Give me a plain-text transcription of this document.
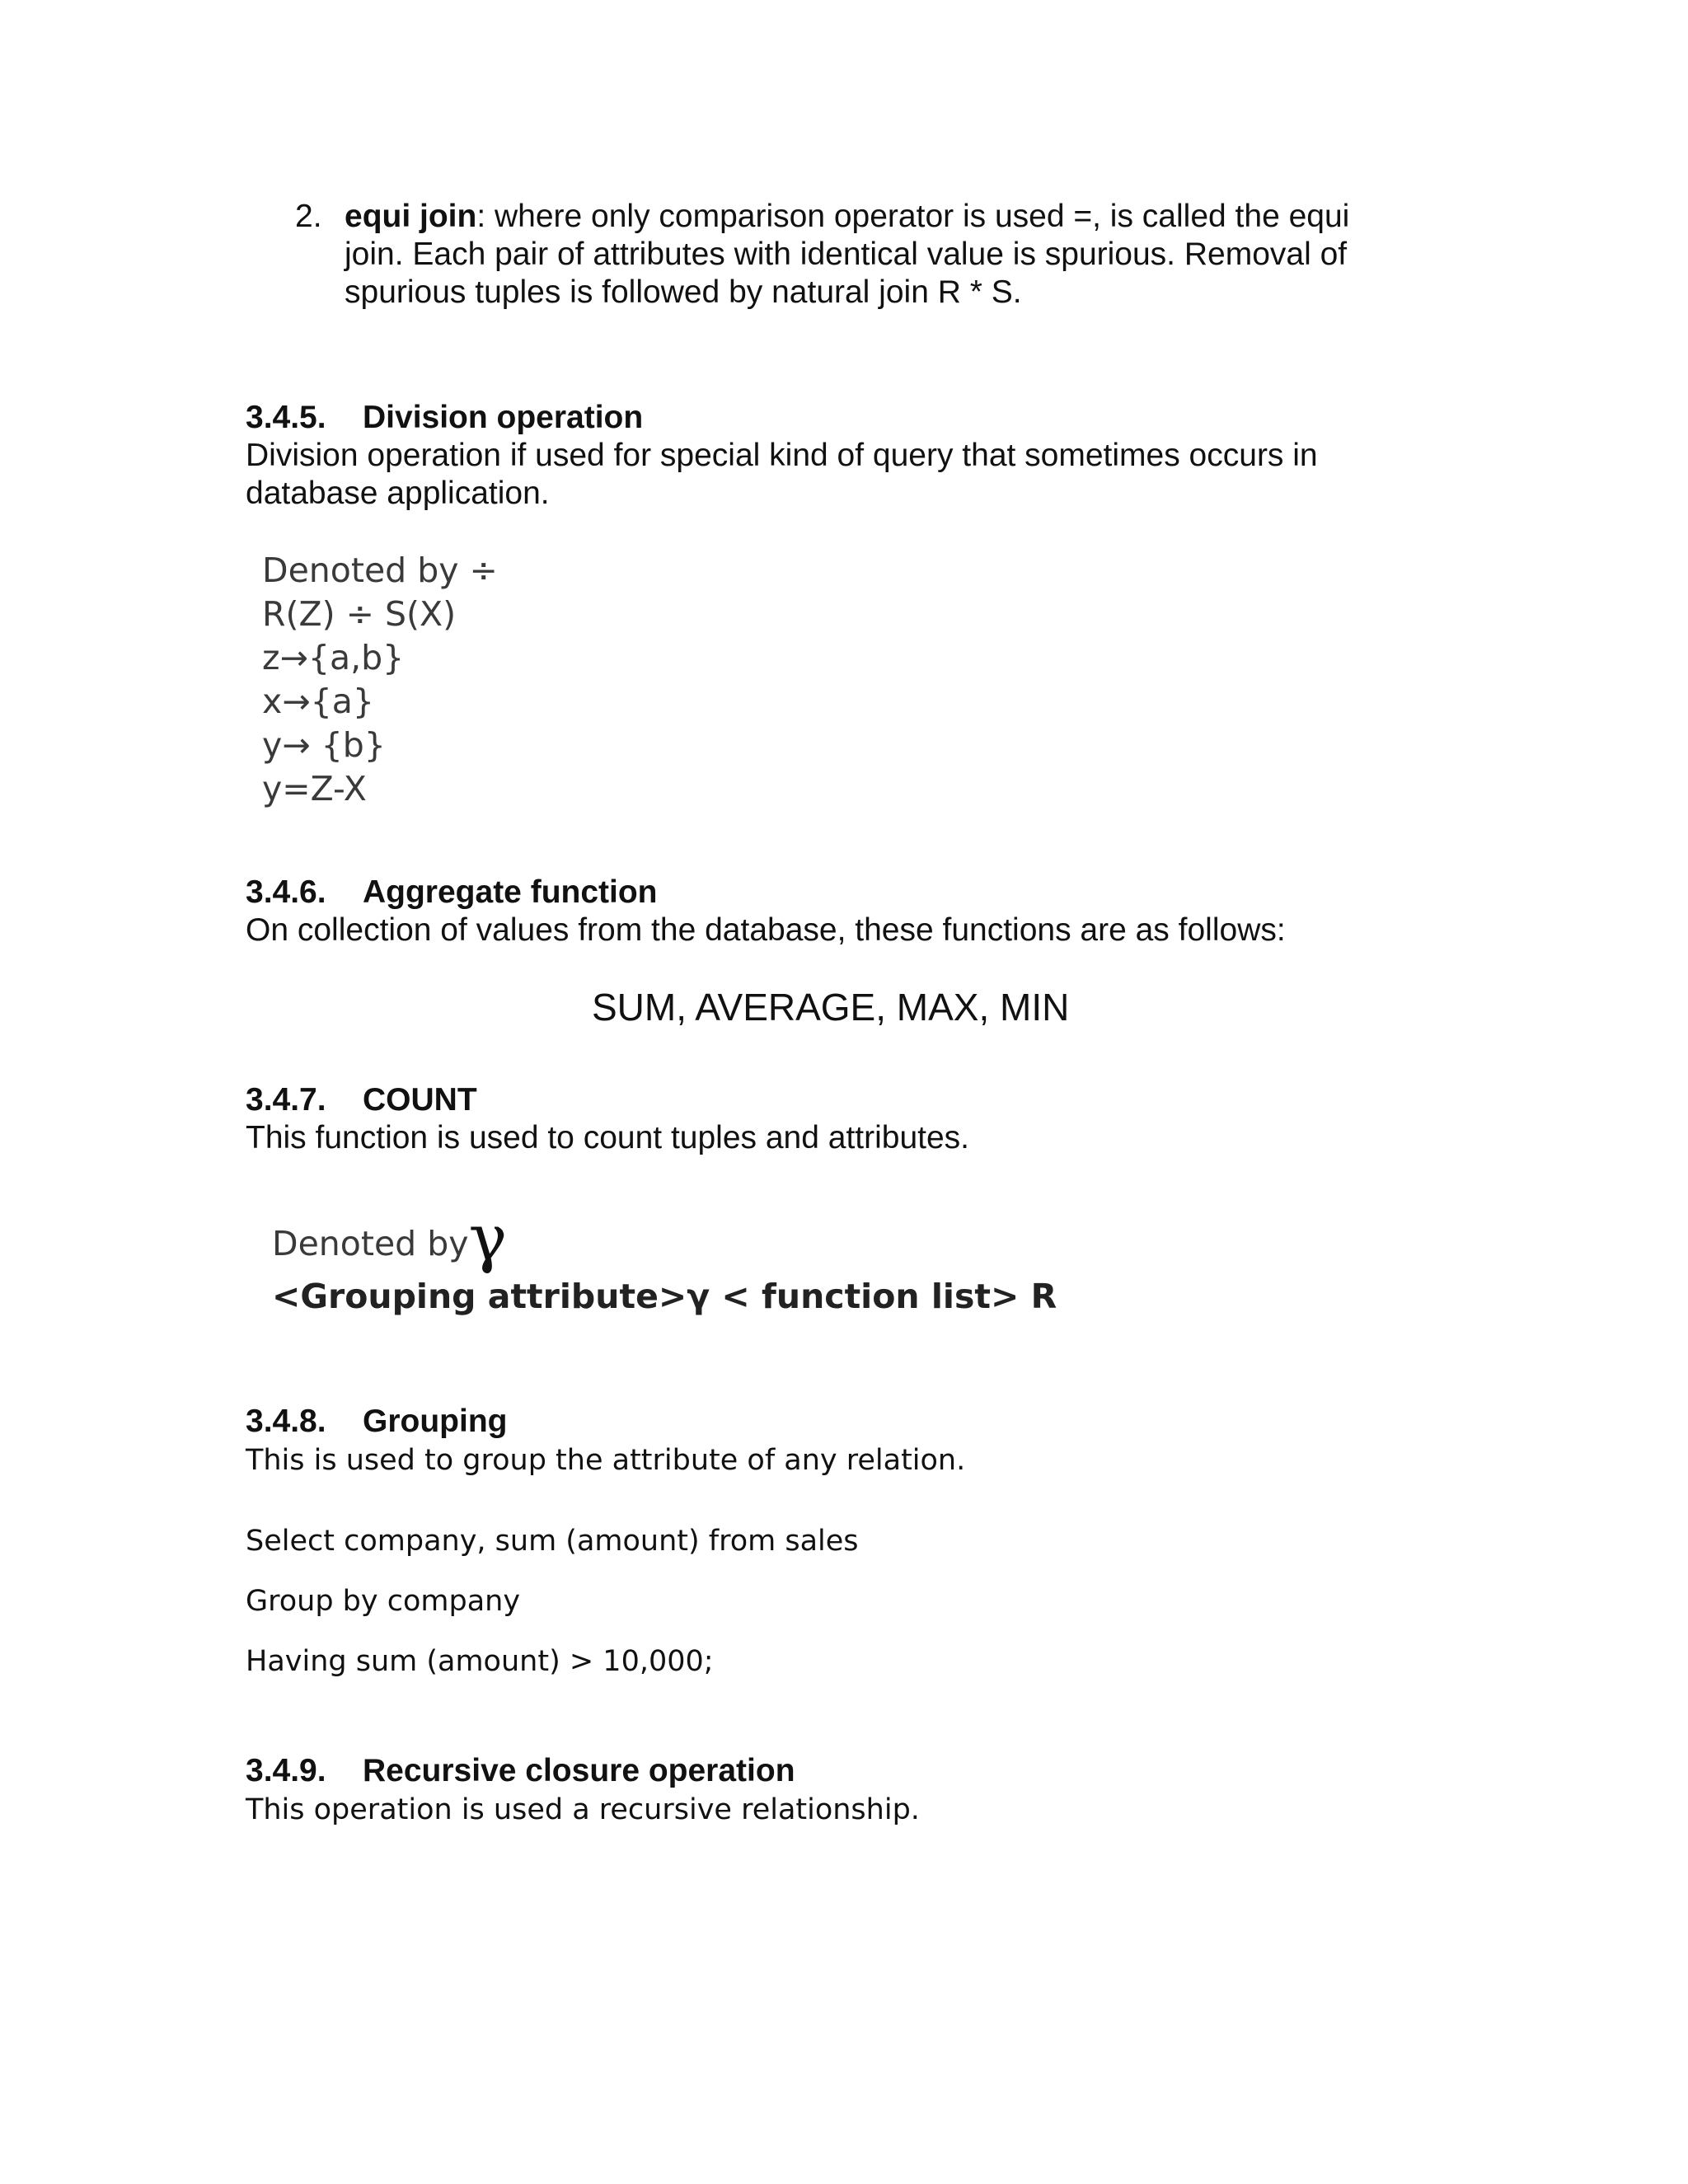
2. equi join: where only comparison operator is used =, is called the equi
join. Each pair of attributes with identical value is spurious. Removal of
spurious tuples is followed by natural join R * S.
3.4.5. Division operation
Division operation if used for special kind of query that sometimes occurs in
database application.
Denoted by ÷
R(Z) ÷ S(X)
z→{a,b}
x→{a}
y→ {b}
y=Z-X
3.4.6. Aggregate function
On collection of values from the database, these functions are as follows:
SUM, AVERAGE, MAX, MIN
3.4.7. COUNT
This function is used to count tuples and attributes.
Denoted byγ
<Grouping attribute>γ < function list> R
3.4.8. Grouping
This is used to group the attribute of any relation.
Select company, sum (amount) from sales
Group by company
Having sum (amount) > 10,000;
3.4.9. Recursive closure operation
This operation is used a recursive relationship.
